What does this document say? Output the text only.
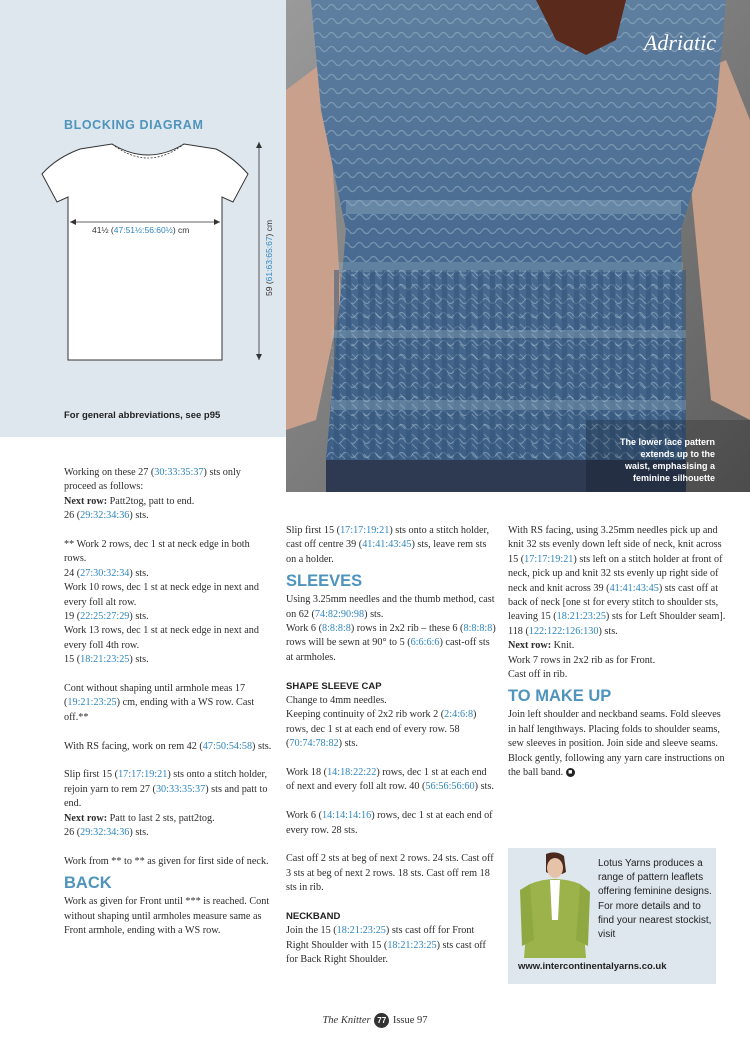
BLOCKING DIAGRAM
41½ (47:51½:56:60½) cm
59 (61:63:65:67) cm
For general abbreviations, see p95
Adriatic
The lower lace pattern
extends up to the
waist, emphasising a
feminine silhouette

Working on these 27 (30:33:35:37) sts only proceed as follows:

Next row: Patt2tog, patt to end.

26 (29:32:34:36) sts.

** Work 2 rows, dec 1 st at neck edge in both rows.

24 (27:30:32:34) sts.

Work 10 rows, dec 1 st at neck edge in next and every foll alt row.

19 (22:25:27:29) sts.

Work 13 rows, dec 1 st at neck edge in next and every foll 4th row.

15 (18:21:23:25) sts.

Cont without shaping until armhole meas 17 (19:21:23:25) cm, ending with a WS row. Cast off.**

With RS facing, work on rem 42 (47:50:54:58) sts.

Slip first 15 (17:17:19:21) sts onto a stitch holder, rejoin yarn to rem 27 (30:33:35:37) sts and patt to end.

Next row: Patt to last 2 sts, patt2tog.

26 (29:32:34:36) sts.

Work from ** to ** as given for first side of neck.

BACK

Work as given for Front until *** is reached. Cont without shaping until armholes measure same as Front armhole, ending with a WS row.

Slip first 15 (17:17:19:21) sts onto a stitch holder, cast off centre 39 (41:41:43:45) sts, leave rem sts on a holder.

SLEEVES

Using 3.25mm needles and the thumb method, cast on 62 (74:82:90:98) sts.

Work 6 (8:8:8:8) rows in 2x2 rib – these 6 (8:8:8:8) rows will be sewn at 90° to 5 (6:6:6:6) cast-off sts at armholes.

SHAPE SLEEVE CAP

Change to 4mm needles.

Keeping continuity of 2x2 rib work 2 (2:4:6:8) rows, dec 1 st at each end of every row. 58 (70:74:78:82) sts.

Work 18 (14:18:22:22) rows, dec 1 st at each end of next and every foll alt row. 40 (56:56:56:60) sts.

Work 6 (14:14:14:16) rows, dec 1 st at each end of every row. 28 sts.

Cast off 2 sts at beg of next 2 rows. 24 sts. Cast off 3 sts at beg of next 2 rows. 18 sts. Cast off rem 18 sts in rib.

NECKBAND

Join the 15 (18:21:23:25) sts cast off for Front Right Shoulder with 15 (18:21:23:25) sts cast off for Back Right Shoulder.

With RS facing, using 3.25mm needles pick up and knit 32 sts evenly down left side of neck, knit across 15 (17:17:19:21) sts left on a stitch holder at front of neck, pick up and knit 32 sts evenly up right side of neck and knit across 39 (41:41:43:45) sts cast off at back of neck [one st for every stitch to shoulder sts, leaving 15 (18:21:23:25) sts for Left Shoulder seam].

118 (122:122:126:130) sts.

Next row: Knit.

Work 7 rows in 2x2 rib as for Front.

Cast off in rib.

TO MAKE UP

Join left shoulder and neckband seams. Fold sleeves in half lengthways. Placing folds to shoulder seams, sew sleeves in position. Join side and sleeve seams. Block gently, following any yarn care instructions on the ball band. ■

Lotus Yarns produces a range of pattern leaflets offering feminine designs. For more details and to find your nearest stockist, visit
www.intercontinentalyarns.co.uk
The Knitter 77 Issue 97
